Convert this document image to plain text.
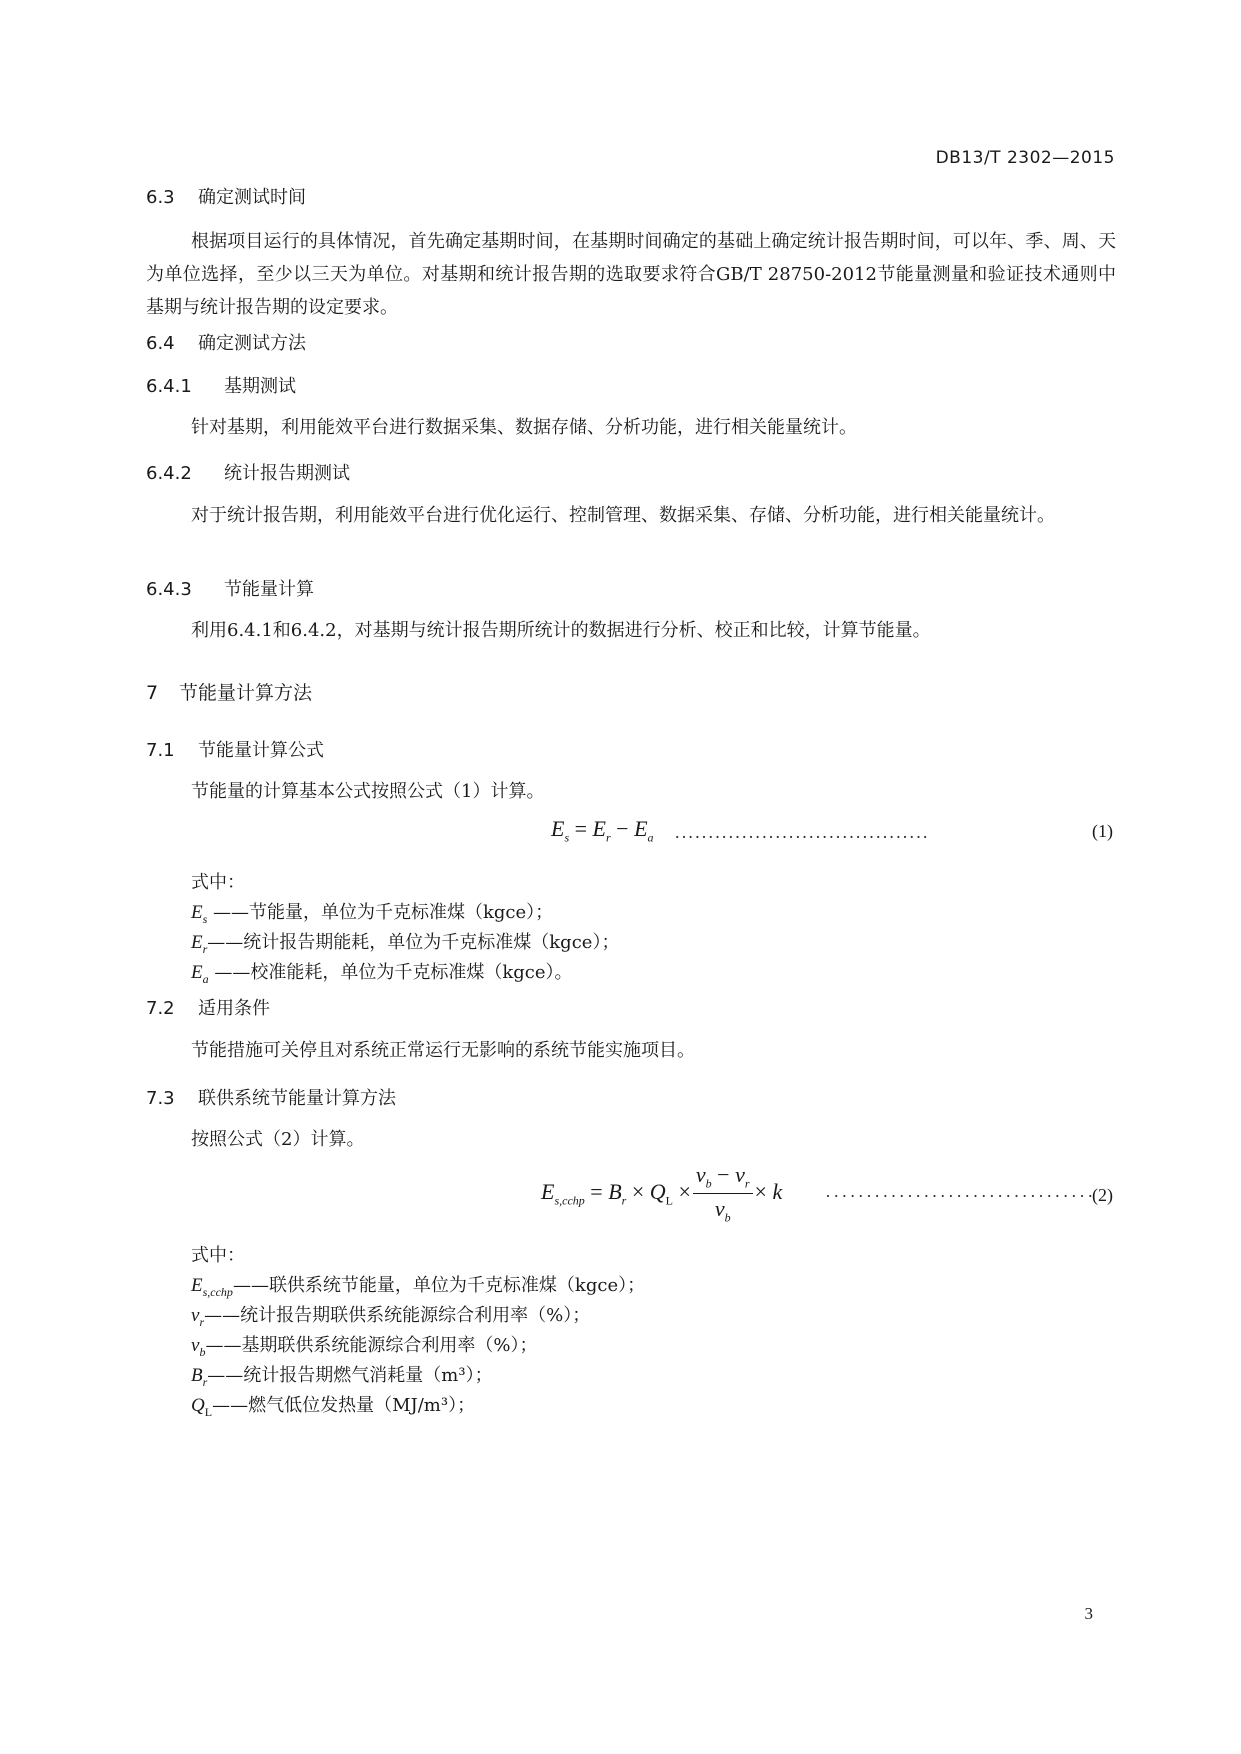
DB13/T 2302—2015
6.3 确定测试时间
根据项目运行的具体情况，首先确定基期时间，在基期时间确定的基础上确定统计报告期时间，可以年、季、周、天为单位选择，至少以三天为单位。对基期和统计报告期的选取要求符合GB/T 28750-2012节能量测量和验证技术通则中基期与统计报告期的设定要求。
6.4 确定测试方法
6.4.1 基期测试
针对基期，利用能效平台进行数据采集、数据存储、分析功能，进行相关能量统计。
6.4.2 统计报告期测试
对于统计报告期，利用能效平台进行优化运行、控制管理、数据采集、存储、分析功能，进行相关能量统计。
6.4.3 节能量计算
利用6.4.1和6.4.2，对基期与统计报告期所统计的数据进行分析、校正和比较，计算节能量。
7 节能量计算方法
7.1 节能量计算公式
节能量的计算基本公式按照公式（1）计算。
$E_s = E_r - E_a$ ......................................	(1)
式中：
$E_s$ ——节能量，单位为千克标准煤（kgce）；
$E_r——$统计报告期能耗，单位为千克标准煤（kgce）；
$E_a$ ——校准能耗，单位为千克标准煤（kgce）。
7.2 适用条件
节能措施可关停且对系统正常运行无影响的系统节能实施项目。
7.3 联供系统节能量计算方法
按照公式（2）计算。
$E_{s,cchp} = B_r \times Q_L \times \frac{v_b - v_r}{v_b} \times k$ ·································
(2)
式中：
$E_{s,cchp}——$联供系统节能量，单位为千克标准煤（kgce）；
$v_r——$统计报告期联供系统能源综合利用率（%）；
$v_b——$基期联供系统能源综合利用率（%）；
$B_r——$统计报告期燃气消耗量（m³）；
$Q_L——$燃气低位发热量（MJ/m³）；
3
